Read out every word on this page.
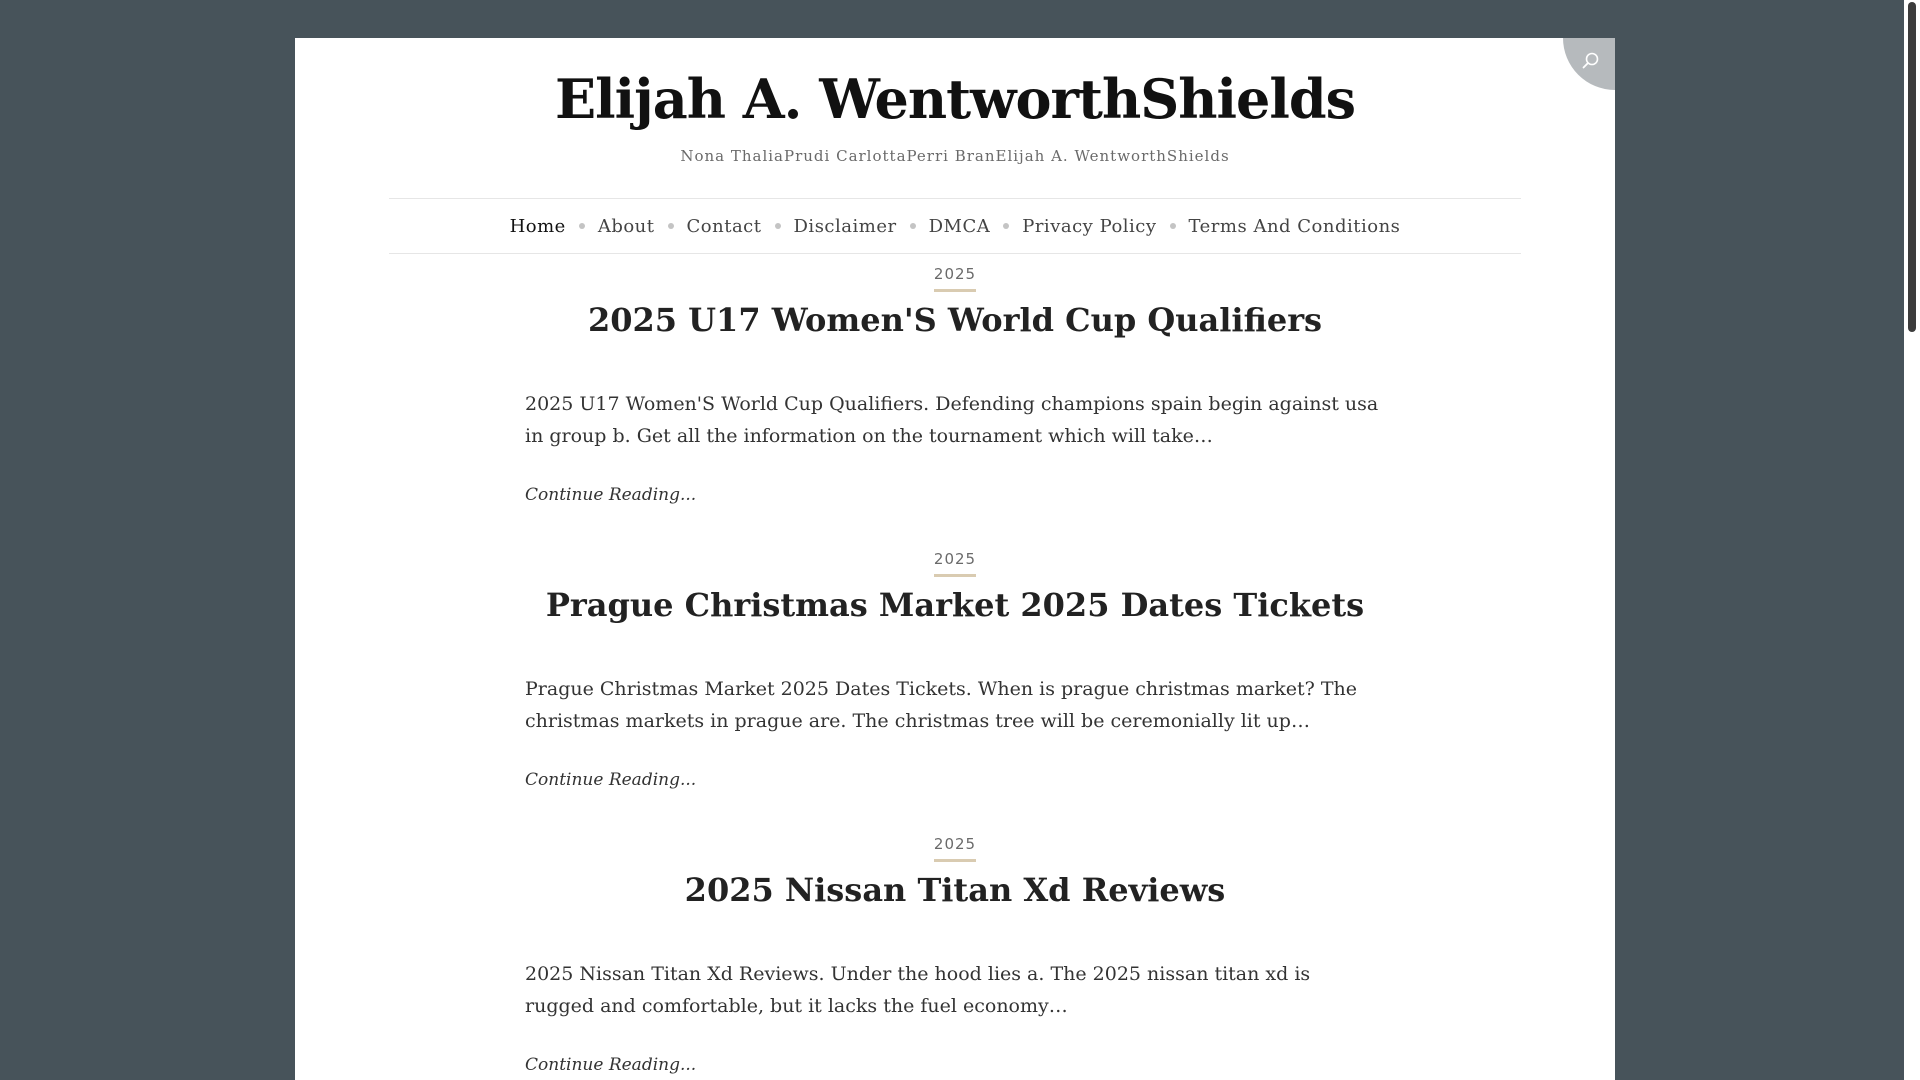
Elijah A. WentworthShields
Nona ThaliaPrudi CarlottaPerri BranElijah A. WentworthShields
Home About Contact Disclaimer DMCA Privacy Policy Terms And Conditions
2025
2025 U17 Women'S World Cup Qualifiers

2025 U17 Women'S World Cup Qualifiers. Defending champions spain begin against usa in group b. Get all the information on the tournament which will take…

Continue Reading...
2025
Prague Christmas Market 2025 Dates Tickets

Prague Christmas Market 2025 Dates Tickets. When is prague christmas market? The christmas markets in prague are. The christmas tree will be ceremonially lit up…

Continue Reading...
2025
2025 Nissan Titan Xd Reviews

2025 Nissan Titan Xd Reviews. Under the hood lies a. The 2025 nissan titan xd is rugged and comfortable, but it lacks the fuel economy…

Continue Reading...
